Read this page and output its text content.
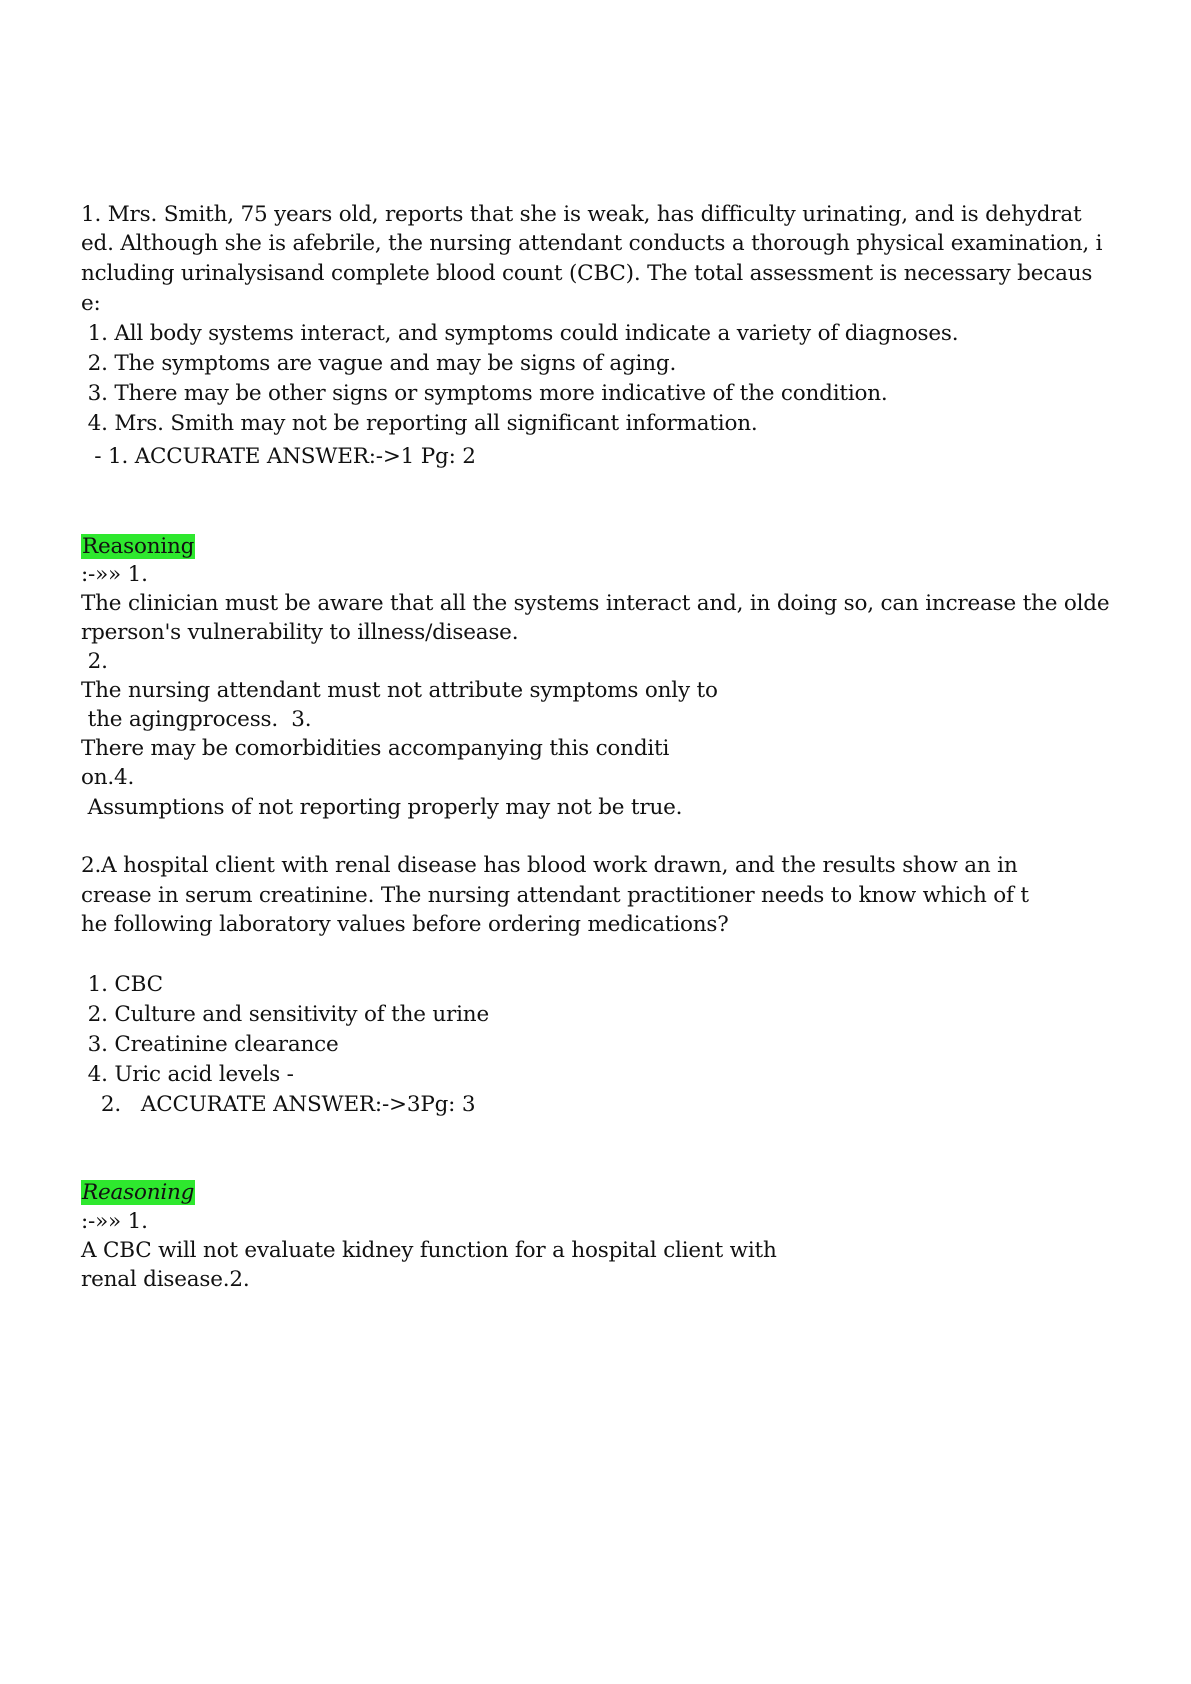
1. Mrs. Smith, 75 years old, reports that she is weak, has difficulty urinating, and is dehydrat
ed. Although she is afebrile, the nursing attendant conducts a thorough physical examination, i
ncluding urinalysisand complete blood count (CBC). The total assessment is necessary becaus
e:
1. All body systems interact, and symptoms could indicate a variety of diagnoses.
2. The symptoms are vague and may be signs of aging.
3. There may be other signs or symptoms more indicative of the condition.
4. Mrs. Smith may not be reporting all significant information.
- 1. ACCURATE ANSWER:->1 Pg: 2
Reasoning
:-»» 1.
The clinician must be aware that all the systems interact and, in doing so, can increase the olde
rperson's vulnerability to illness/disease.
2.
The nursing attendant must not attribute symptoms only to
the agingprocess.  3.
There may be comorbidities accompanying this conditi
on.4.
Assumptions of not reporting properly may not be true.
2.A hospital client with renal disease has blood work drawn, and the results show an in
crease in serum creatinine. The nursing attendant practitioner needs to know which of t
he following laboratory values before ordering medications?
1. CBC
2. Culture and sensitivity of the urine
3. Creatinine clearance
4. Uric acid levels -
2.   ACCURATE ANSWER:->3Pg: 3
Reasoning
:-»» 1.
A CBC will not evaluate kidney function for a hospital client with
renal disease.2.
